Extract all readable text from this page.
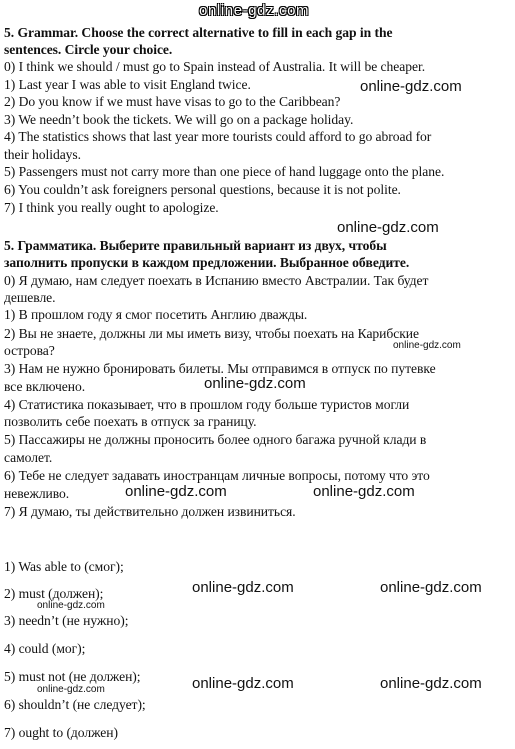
online-gdz.com
5. Grammar. Choose the correct alternative to fill in each gap in the
sentences. Circle your choice.
0) I think we should / must go to Spain instead of Australia. It will be cheaper.
1) Last year I was able to visit England twice.
2) Do you know if we must have visas to go to the Caribbean?
3) We needn’t book the tickets. We will go on a package holiday.
4) The statistics shows that last year more tourists could afford to go abroad for
their holidays.
5) Passengers must not carry more than one piece of hand luggage onto the plane.
6) You couldn’t ask foreigners personal questions, because it is not polite.
7) I think you really ought to apologize.
online-gdz.com
online-gdz.com
5. Грамматика. Выберите правильный вариант из двух, чтобы
заполнить пропуски в каждом предложении. Выбранное обведите.
0) Я думаю, нам следует поехать в Испанию вместо Австралии. Так будет
дешевле.
1) В прошлом году я смог посетить Англию дважды.
2) Вы не знаете, должны ли мы иметь визу, чтобы поехать на Карибские
острова?
3) Нам не нужно бронировать билеты. Мы отправимся в отпуск по путевке
все включено.
4) Статистика показывает, что в прошлом году больше туристов могли
позволить себе поехать в отпуск за границу.
5) Пассажиры не должны проносить более одного багажа ручной клади в
самолет.
6) Тебе не следует задавать иностранцам личные вопросы, потому что это
невежливо.
7) Я думаю, ты действительно должен извиниться.
online-gdz.com
online-gdz.com
online-gdz.com	online-gdz.com
1) Was able to (смог);
2) must (должен);
3) needn’t (не нужно);
4) could (мог);
5) must not (не должен);
6) shouldn’t (не следует);
7) ought to (должен)
online-gdz.com	online-gdz.com
online-gdz.com
online-gdz.com	online-gdz.com
online-gdz.com
